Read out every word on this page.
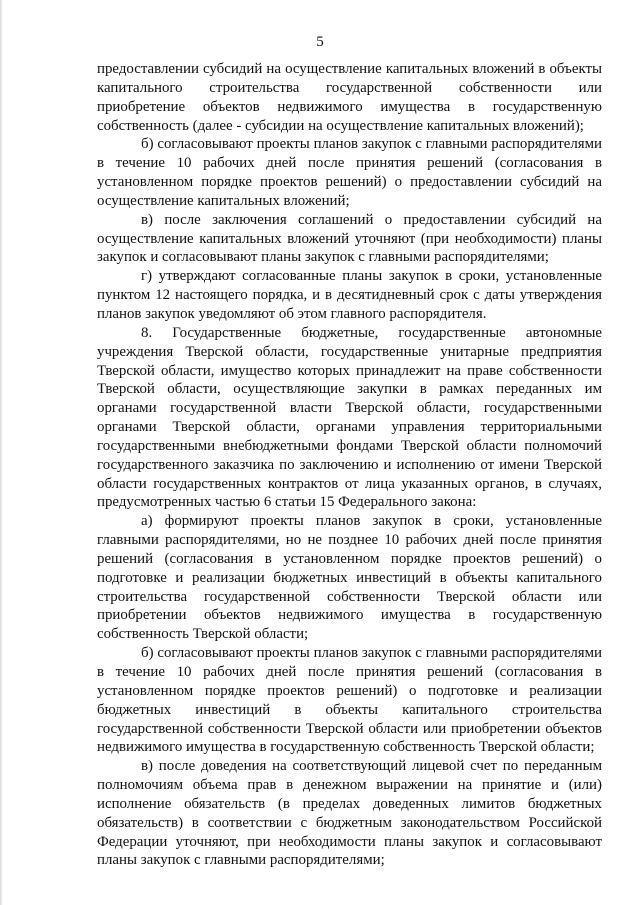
5

предоставлении субсидий на осуществление капитальных вложений в объекты капитального строительства государственной собственности или приобретение объектов недвижимого имущества в государственную собственность (далее - субсидии на осуществление капитальных вложений);

б) согласовывают проекты планов закупок с главными распорядителями в течение 10 рабочих дней после принятия решений (согласования в установленном порядке проектов решений) о предоставлении субсидий на осуществление капитальных вложений;

в) после заключения соглашений о предоставлении субсидий на осуществление капитальных вложений уточняют (при необходимости) планы закупок и согласовывают планы закупок с главными распорядителями;

г) утверждают согласованные планы закупок в сроки, установленные пунктом 12 настоящего порядка, и в десятидневный срок с даты утверждения планов закупок уведомляют об этом главного распорядителя.

8. Государственные бюджетные, государственные автономные учреждения Тверской области, государственные унитарные предприятия Тверской области, имущество которых принадлежит на праве собственности Тверской области, осуществляющие закупки в рамках переданных им органами государственной власти Тверской области, государственными органами Тверской области, органами управления территориальными государственными внебюджетными фондами Тверской области полномочий государственного заказчика по заключению и исполнению от имени Тверской области государственных контрактов от лица указанных органов, в случаях, предусмотренных частью 6 статьи 15 Федерального закона:

а) формируют проекты планов закупок в сроки, установленные главными распорядителями, но не позднее 10 рабочих дней после принятия решений (согласования в установленном порядке проектов решений) о подготовке и реализации бюджетных инвестиций в объекты капитального строительства государственной собственности Тверской области или приобретении объектов недвижимого имущества в государственную собственность Тверской области;

б) согласовывают проекты планов закупок с главными распорядителями в течение 10 рабочих дней после принятия решений (согласования в установленном порядке проектов решений) о подготовке и реализации бюджетных инвестиций в объекты капитального строительства государственной собственности Тверской области или приобретении объектов недвижимого имущества в государственную собственность Тверской области;

в) после доведения на соответствующий лицевой счет по переданным полномочиям объема прав в денежном выражении на принятие и (или) исполнение обязательств (в пределах доведенных лимитов бюджетных обязательств) в соответствии с бюджетным законодательством Российской Федерации уточняют, при необходимости планы закупок и согласовывают планы закупок с главными распорядителями;
